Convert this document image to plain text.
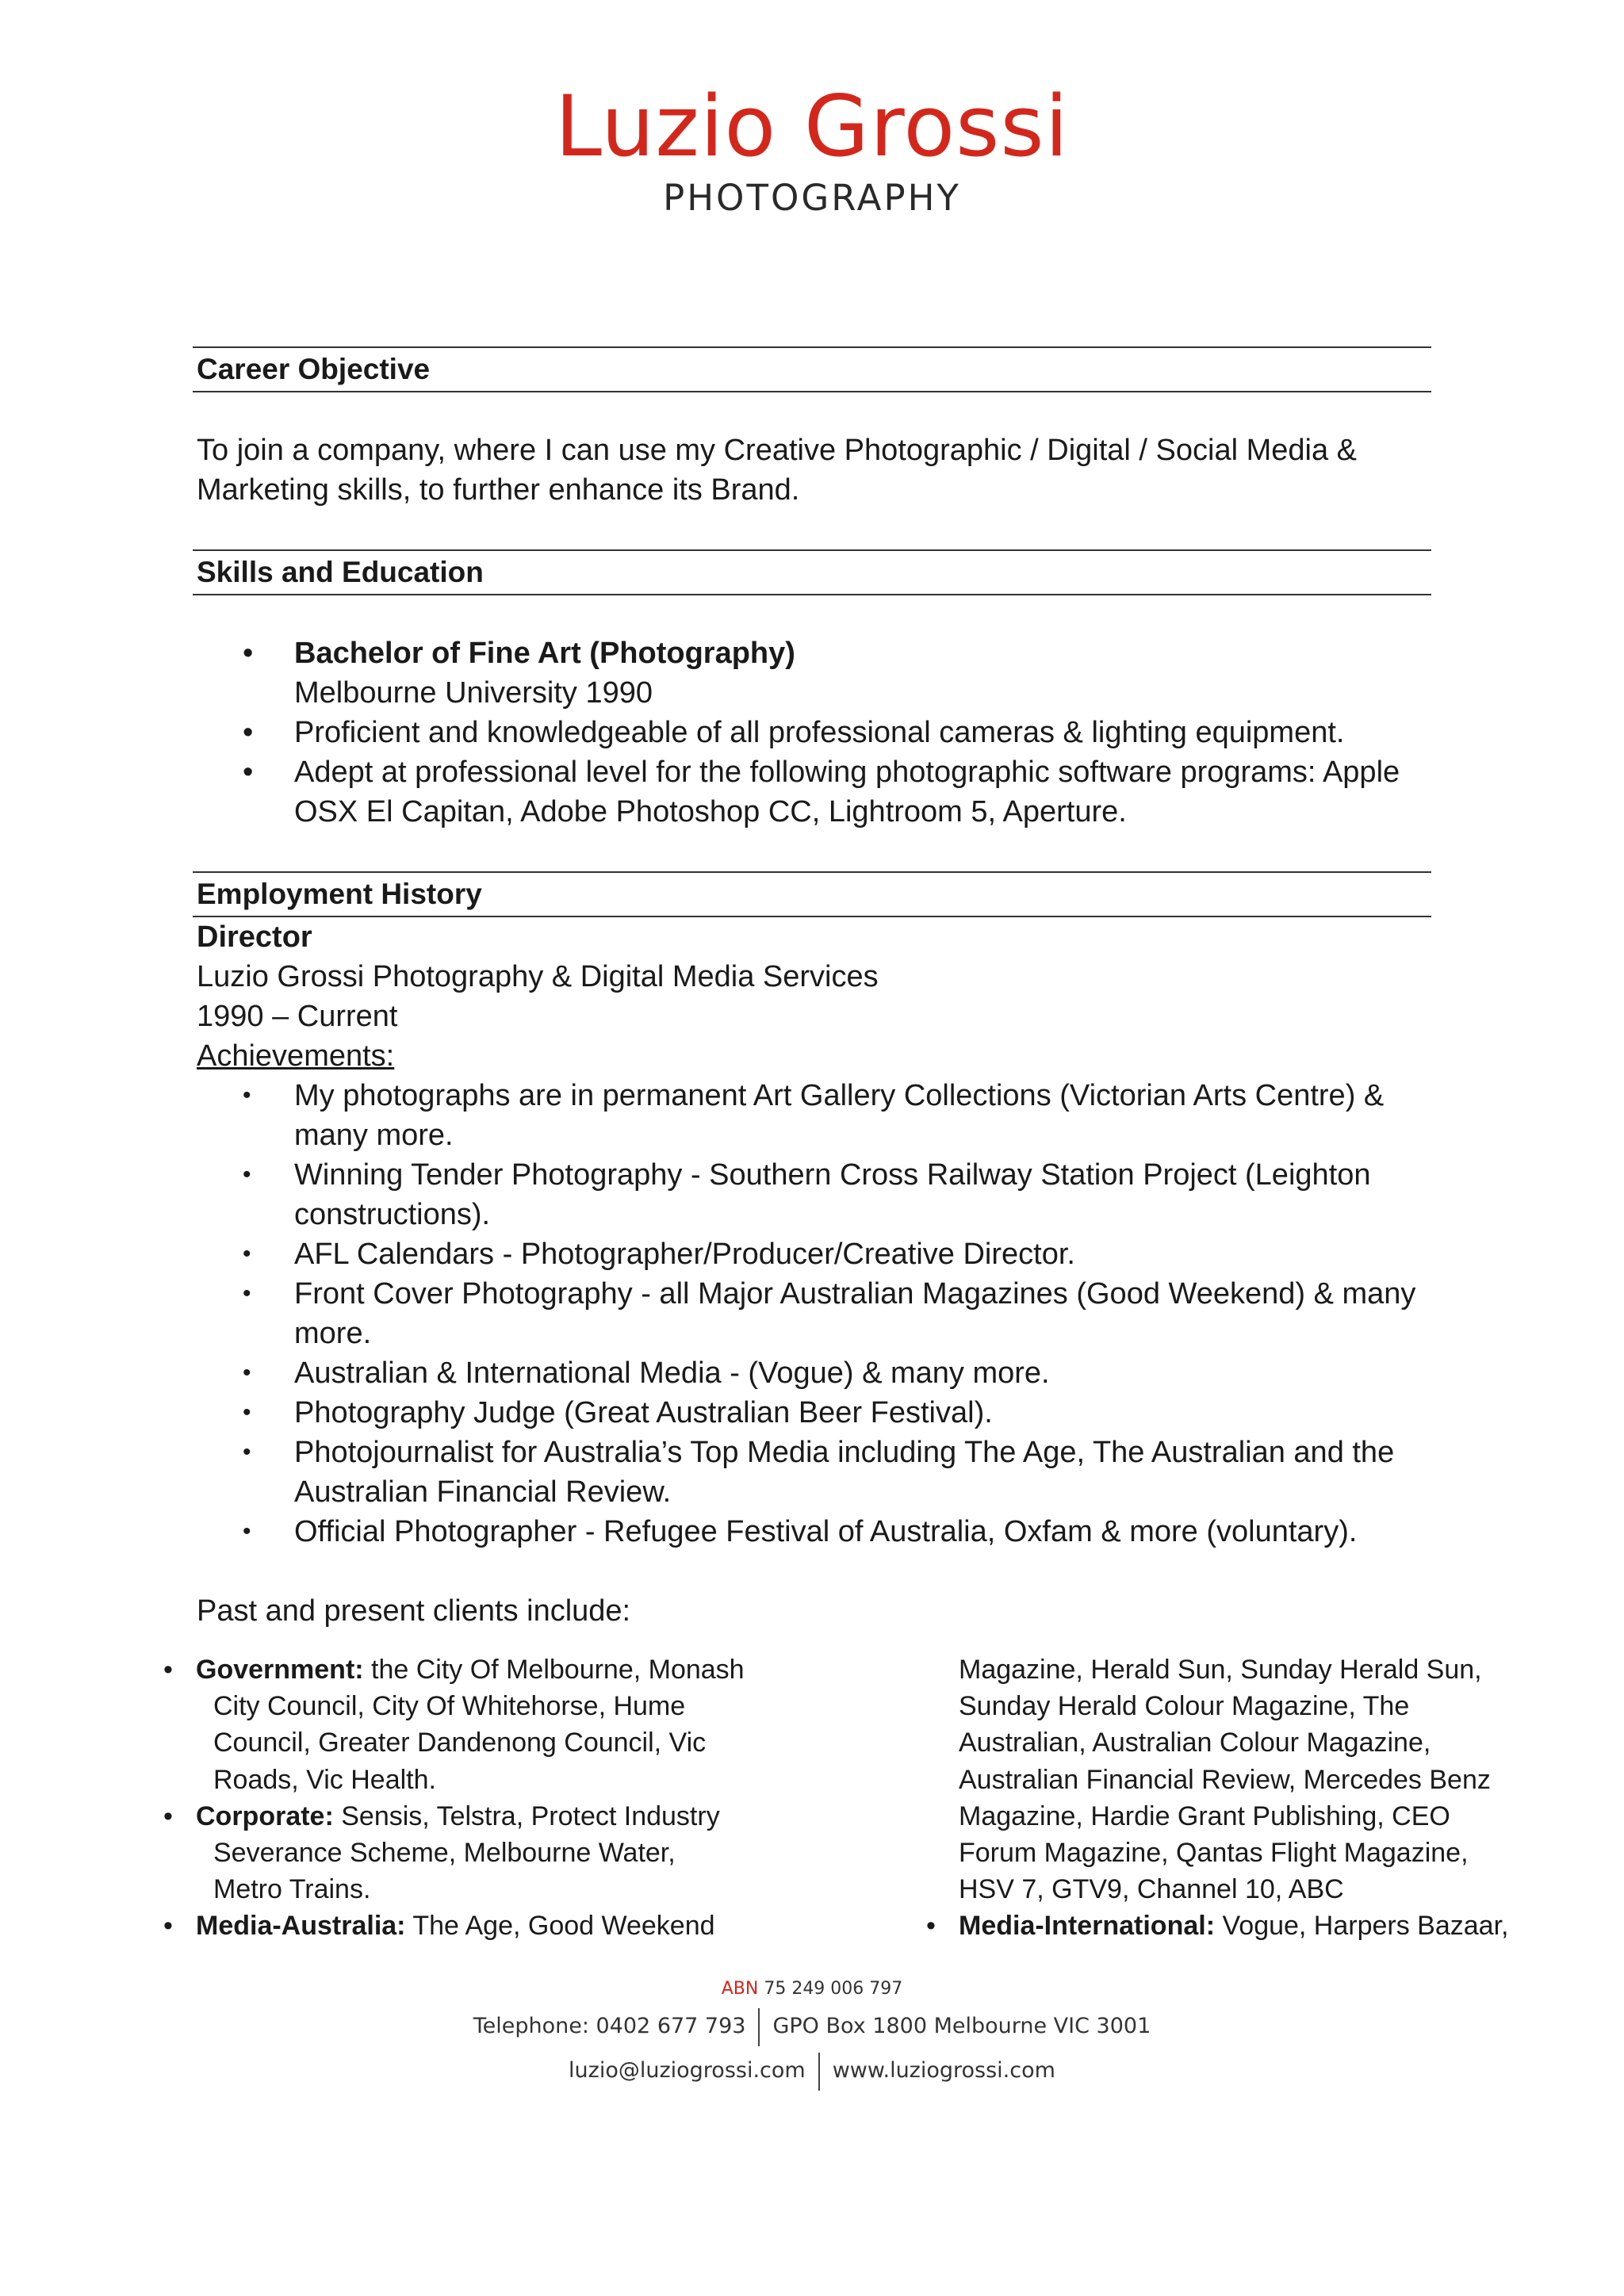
Luzio Grossi
PHOTOGRAPHY
Career Objective
To join a company, where I can use my Creative Photographic / Digital / Social Media &
Marketing skills, to further enhance its Brand.
Skills and Education
• Bachelor of Fine Art (Photography)
Melbourne University 1990
• Proficient and knowledgeable of all professional cameras & lighting equipment.
• Adept at professional level for the following photographic software programs: Apple
OSX El Capitan, Adobe Photoshop CC, Lightroom 5, Aperture.
Employment History
Director
Luzio Grossi Photography & Digital Media Services
1990 – Current
Achievements:
• My photographs are in permanent Art Gallery Collections (Victorian Arts Centre) &
many more.
• Winning Tender Photography - Southern Cross Railway Station Project (Leighton
constructions).
• AFL Calendars - Photographer/Producer/Creative Director.
• Front Cover Photography - all Major Australian Magazines (Good Weekend) & many
more.
• Australian & International Media - (Vogue) & many more.
• Photography Judge (Great Australian Beer Festival).
• Photojournalist for Australia’s Top Media including The Age, The Australian and the
Australian Financial Review.
• Official Photographer - Refugee Festival of Australia, Oxfam & more (voluntary).
Past and present clients include:
• Government: the City Of Melbourne, Monash
City Council, City Of Whitehorse, Hume
Council, Greater Dandenong Council, Vic
Roads, Vic Health.
• Corporate: Sensis, Telstra, Protect Industry
Severance Scheme, Melbourne Water,
Metro Trains.
• Media-Australia: The Age, Good Weekend
Magazine, Herald Sun, Sunday Herald Sun,
Sunday Herald Colour Magazine, The
Australian, Australian Colour Magazine,
Australian Financial Review, Mercedes Benz
Magazine, Hardie Grant Publishing, CEO
Forum Magazine, Qantas Flight Magazine,
HSV 7, GTV9, Channel 10, ABC
• Media-International: Vogue, Harpers Bazaar,
ABN 75 249 006 797
Telephone: 0402 677 793 GPO Box 1800 Melbourne VIC 3001
luzio@luziogrossi.com www.luziogrossi.com
